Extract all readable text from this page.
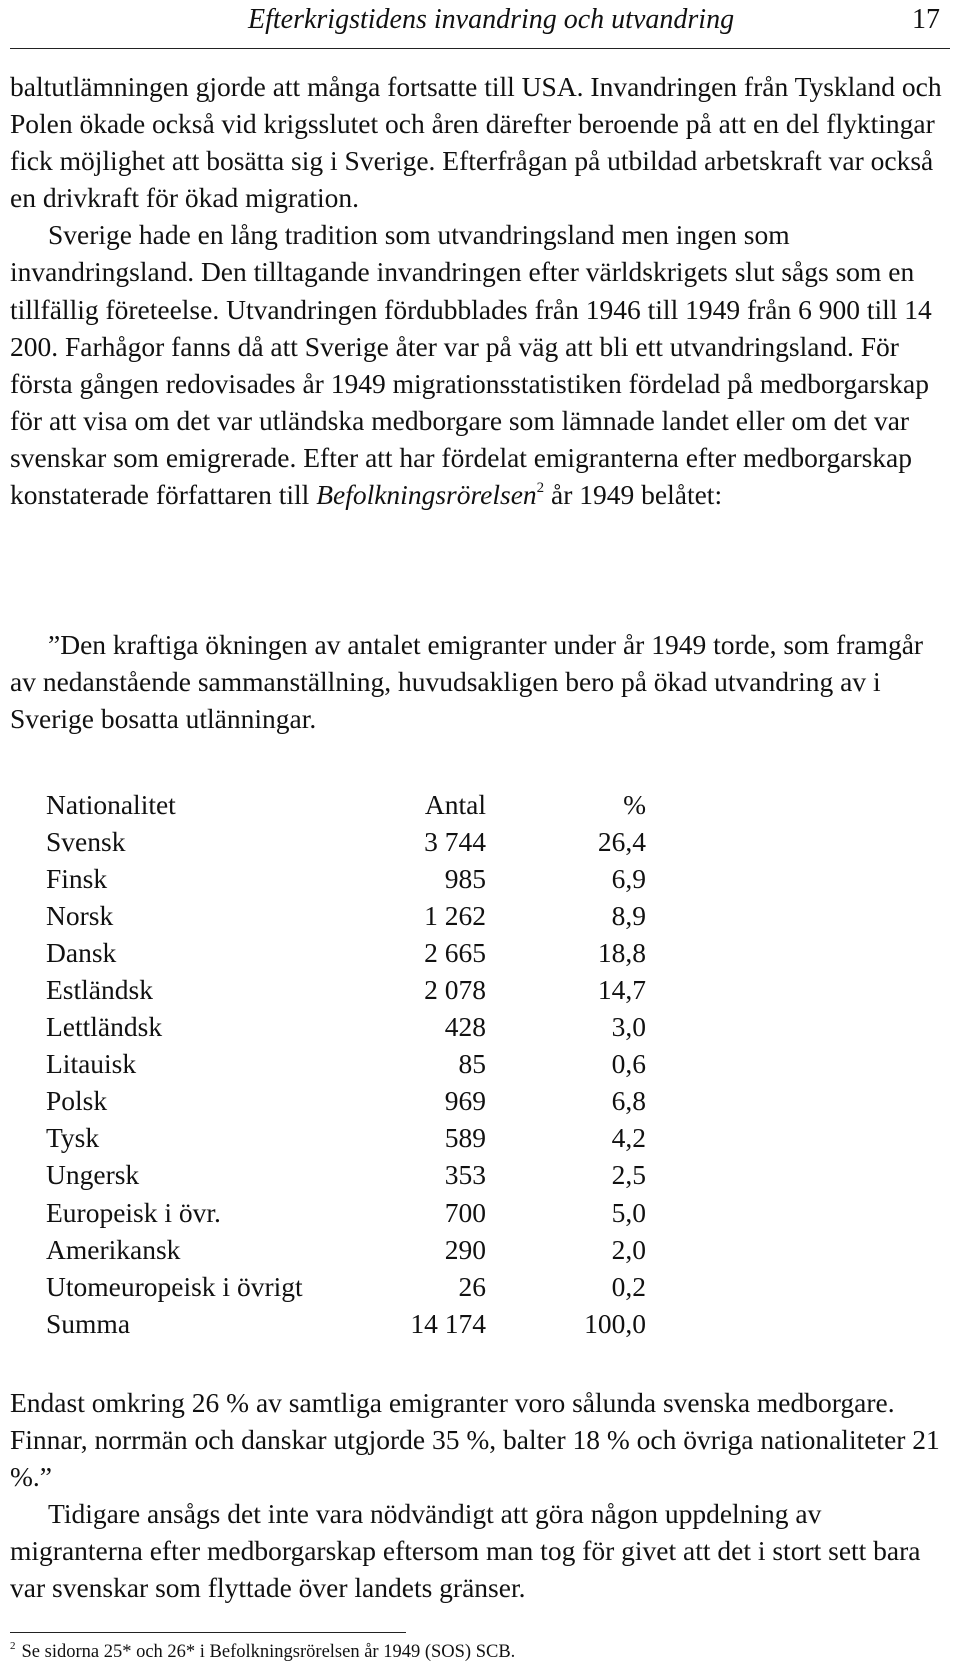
Efterkrigstidens invandring och utvandring	17

baltutlämningen gjorde att många fortsatte till USA. Invandringen från Tyskland och Polen ökade också vid krigsslutet och åren därefter beroende på att en del flyktingar fick möjlighet att bosätta sig i Sverige. Efterfrågan på utbildad arbetskraft var också en drivkraft för ökad migration.

Sverige hade en lång tradition som utvandringsland men ingen som invandringsland. Den tilltagande invandringen efter världskrigets slut sågs som en tillfällig företeelse. Utvandringen fördubblades från 1946 till 1949 från 6 900 till 14 200. Farhågor fanns då att Sverige åter var på väg att bli ett utvandringsland. För första gången redovisades år 1949 migrationsstatistiken fördelad på medborgarskap för att visa om det var utländska medborgare som lämnade landet eller om det var svenskar som emigrerade. Efter att har fördelat emigranterna efter medborgarskap konstaterade författaren till Befolkningsrörelsen$^2$ år 1949 belåtet:

”Den kraftiga ökningen av antalet emigranter under år 1949 torde, som framgår av nedanstående sammanställning, huvudsakligen bero på ökad utvandring av i Sverige bosatta utlänningar.

Nationalitet	Antal	%
Svensk	3 744	26,4
Finsk	985	6,9
Norsk	1 262	8,9
Dansk	2 665	18,8
Estländsk	2 078	14,7
Lettländsk	428	3,0
Litauisk	85	0,6
Polsk	969	6,8
Tysk	589	4,2
Ungersk	353	2,5
Europeisk i övr.	700	5,0
Amerikansk	290	2,0
Utomeuropeisk i övrigt	26	0,2
Summa	14 174	100,0

Endast omkring 26 % av samtliga emigranter voro sålunda svenska medborgare. Finnar, norrmän och danskar utgjorde 35 %, balter 18 % och övriga nationaliteter 21 %.”

Tidigare ansågs det inte vara nödvändigt att göra någon uppdelning av migranterna efter medborgarskap eftersom man tog för givet att det i stort sett bara var svenskar som flyttade över landets gränser.

$^2$ Se sidorna 25* och 26* i Befolkningsrörelsen år 1949 (SOS) SCB.
